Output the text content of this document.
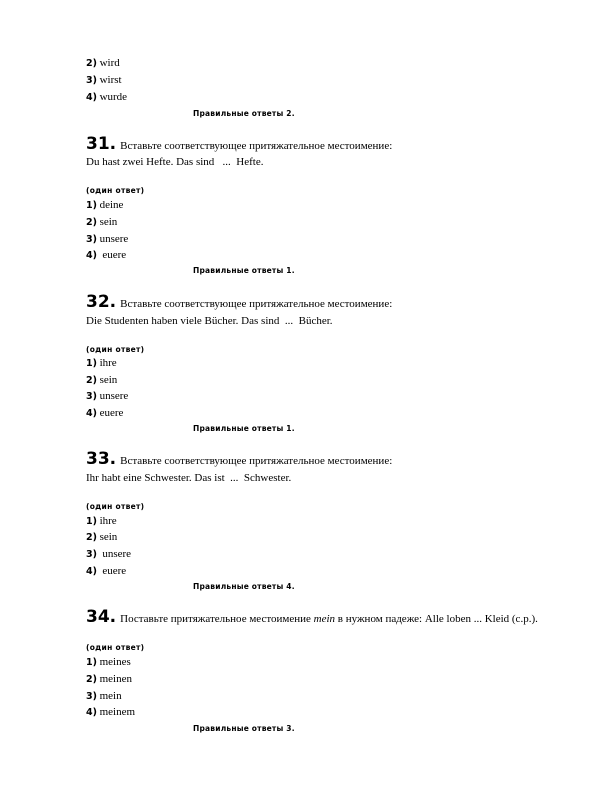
2) wird
3) wirst
4) wurde
Правильные ответы 2.
31. Вставьте соответствующее притяжательное местоимение:
Du hast zwei Hefte. Das sind   ...  Hefte.
(один ответ)
1) deine
2) sein
3) unsere
4)  euere
Правильные ответы 1.
32. Вставьте соответствующее притяжательное местоимение:
Die Studenten haben viele Bücher. Das sind  ...  Bücher.
(один ответ)
1) ihre
2) sein
3) unsere
4) euere
Правильные ответы 1.
33. Вставьте соответствующее притяжательное местоимение:
Ihr habt eine Schwester. Das ist  ...  Schwester.
(один ответ)
1) ihre
2) sein
3)  unsere
4)  euere
Правильные ответы 4.
34. Поставьте притяжательное местоимение mein в нужном падеже: Alle loben ... Kleid (c.p.).
(один ответ)
1) meines
2) meinen
3) mein
4) meinem
Правильные ответы 3.
